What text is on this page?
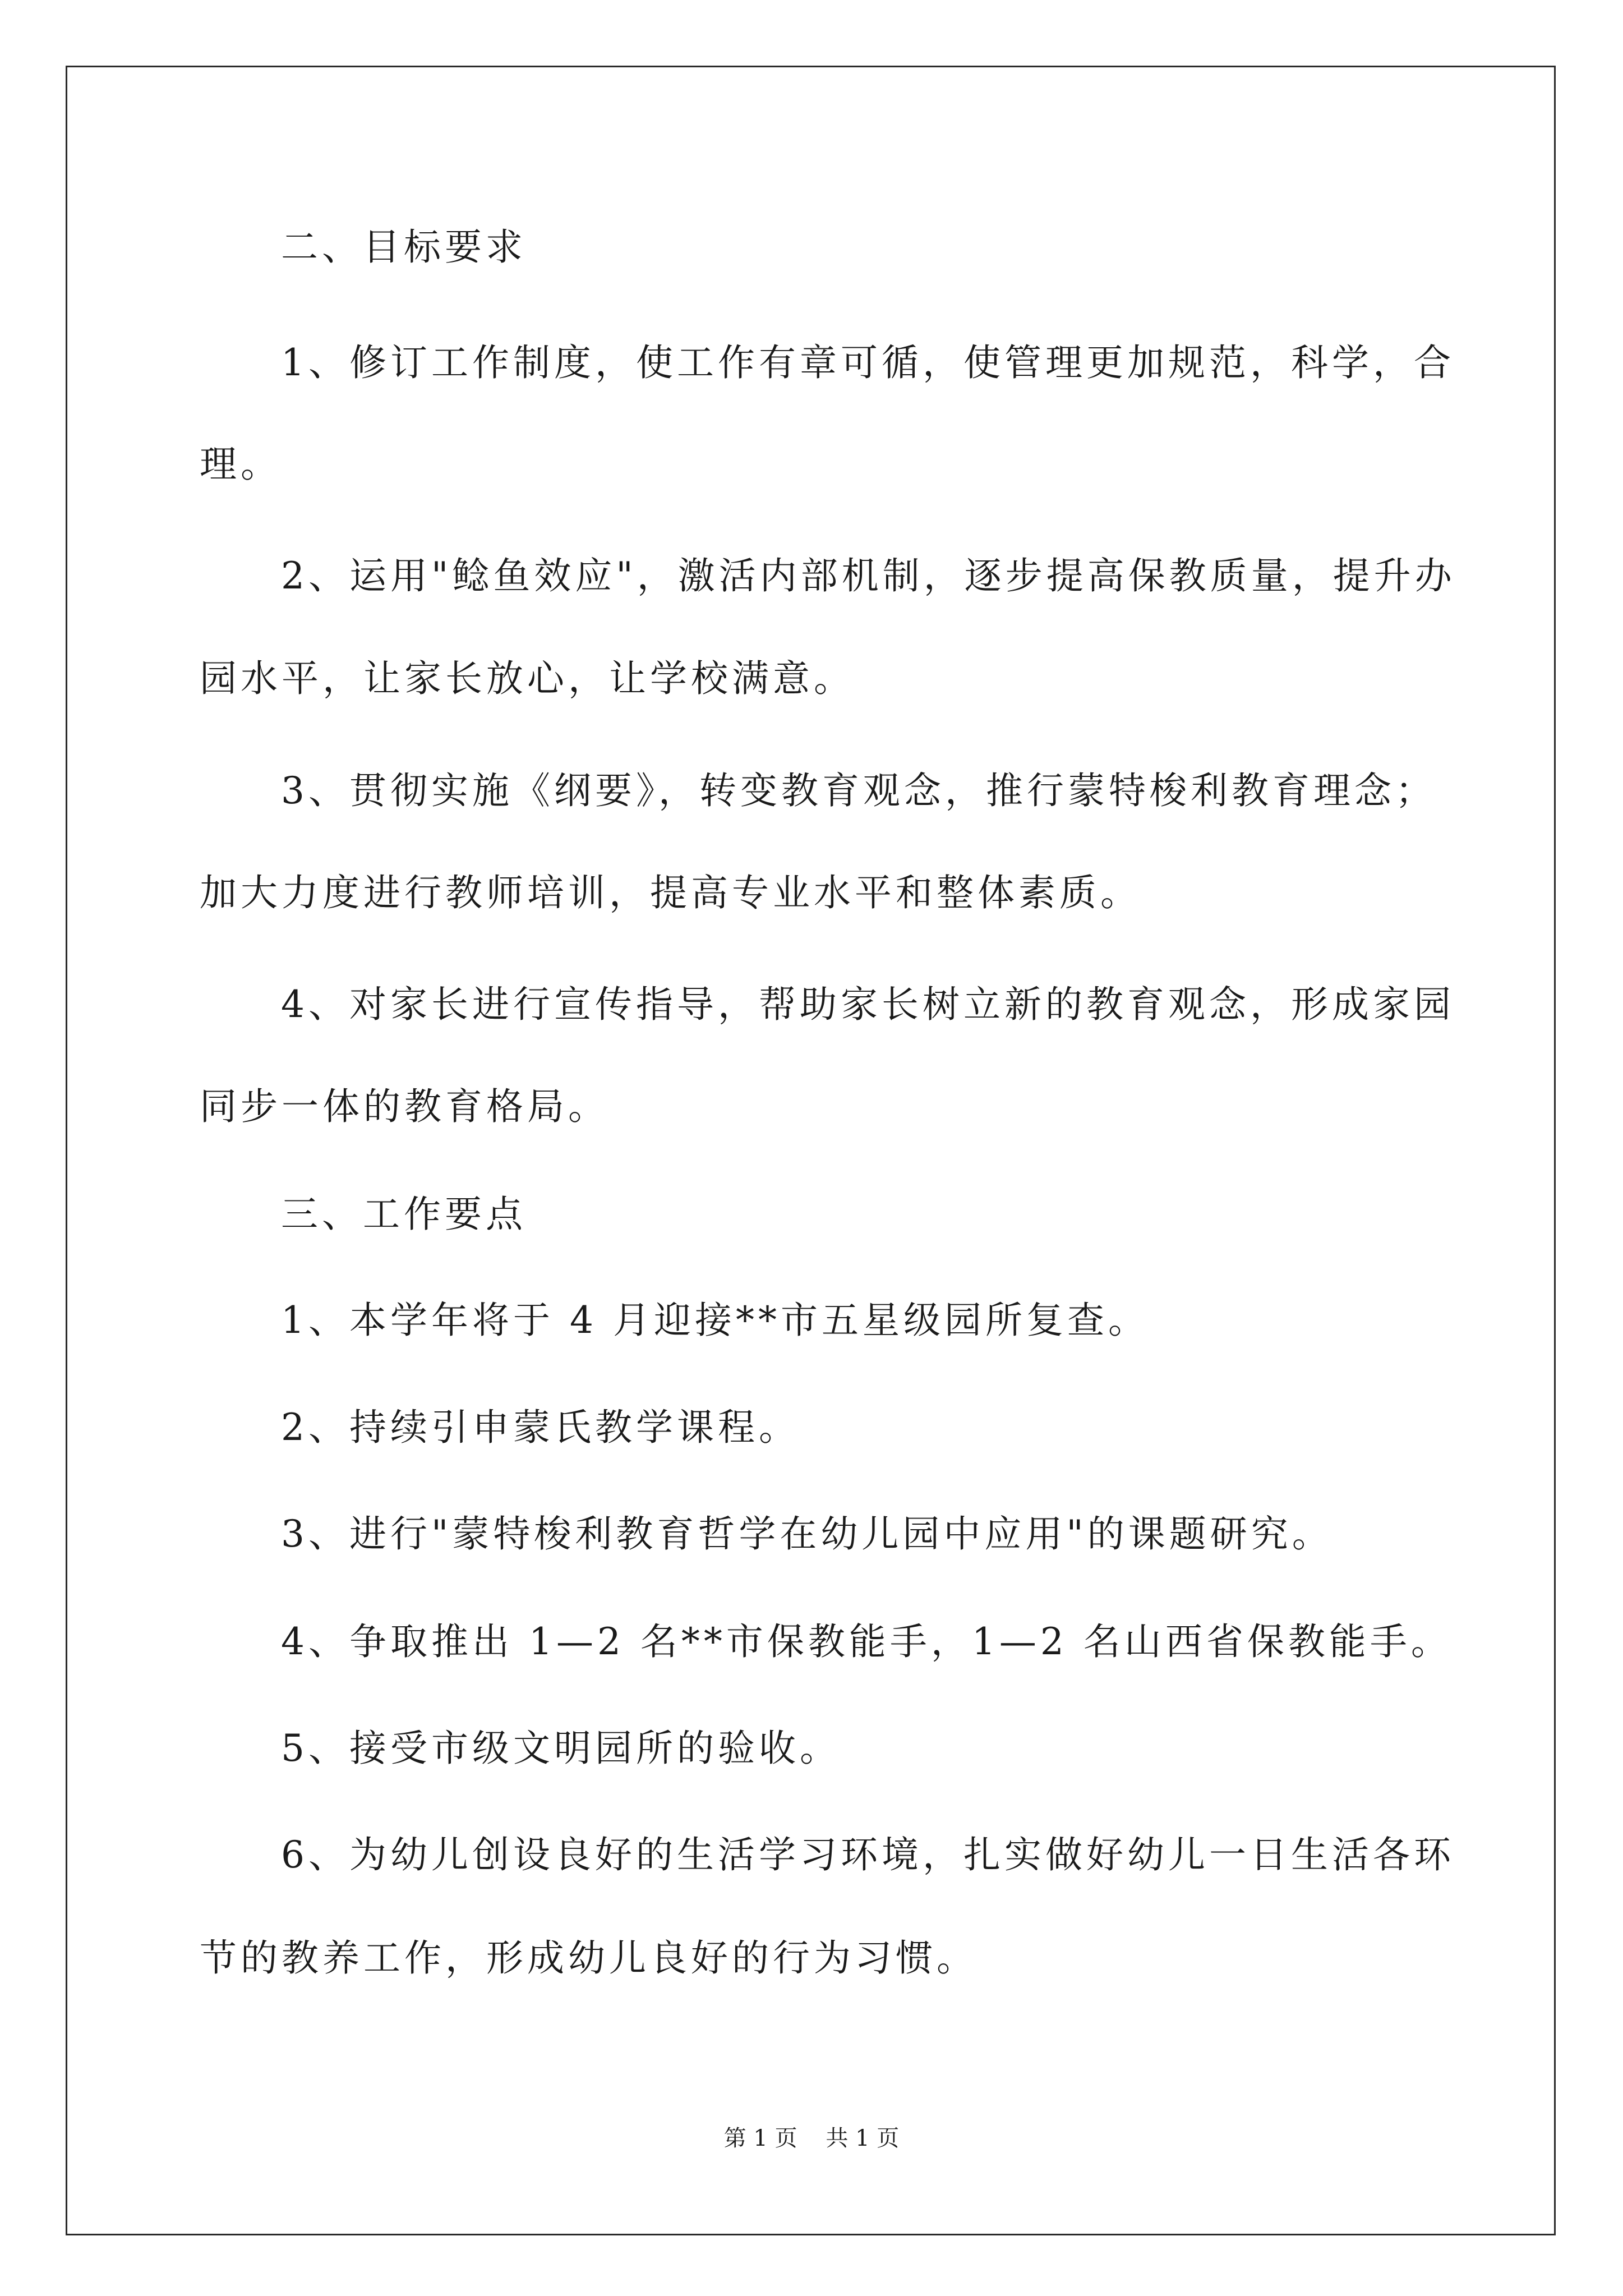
二、目标要求
1、修订工作制度，使工作有章可循，使管理更加规范，科学，合
理。
2、运用"鲶鱼效应"，激活内部机制，逐步提高保教质量，提升办
园水平，让家长放心，让学校满意。
3、贯彻实施《纲要》，转变教育观念，推行蒙特梭利教育理念；
加大力度进行教师培训，提高专业水平和整体素质。
4、对家长进行宣传指导，帮助家长树立新的教育观念，形成家园
同步一体的教育格局。
三、工作要点
1、本学年将于 4 月迎接**市五星级园所复查。
2、持续引申蒙氏教学课程。
3、进行"蒙特梭利教育哲学在幼儿园中应用"的课题研究。
4、争取推出 1—2 名**市保教能手，1—2 名山西省保教能手。
5、接受市级文明园所的验收。
6、为幼儿创设良好的生活学习环境，扎实做好幼儿一日生活各环
节的教养工作，形成幼儿良好的行为习惯。
第 1 页    共 1 页
